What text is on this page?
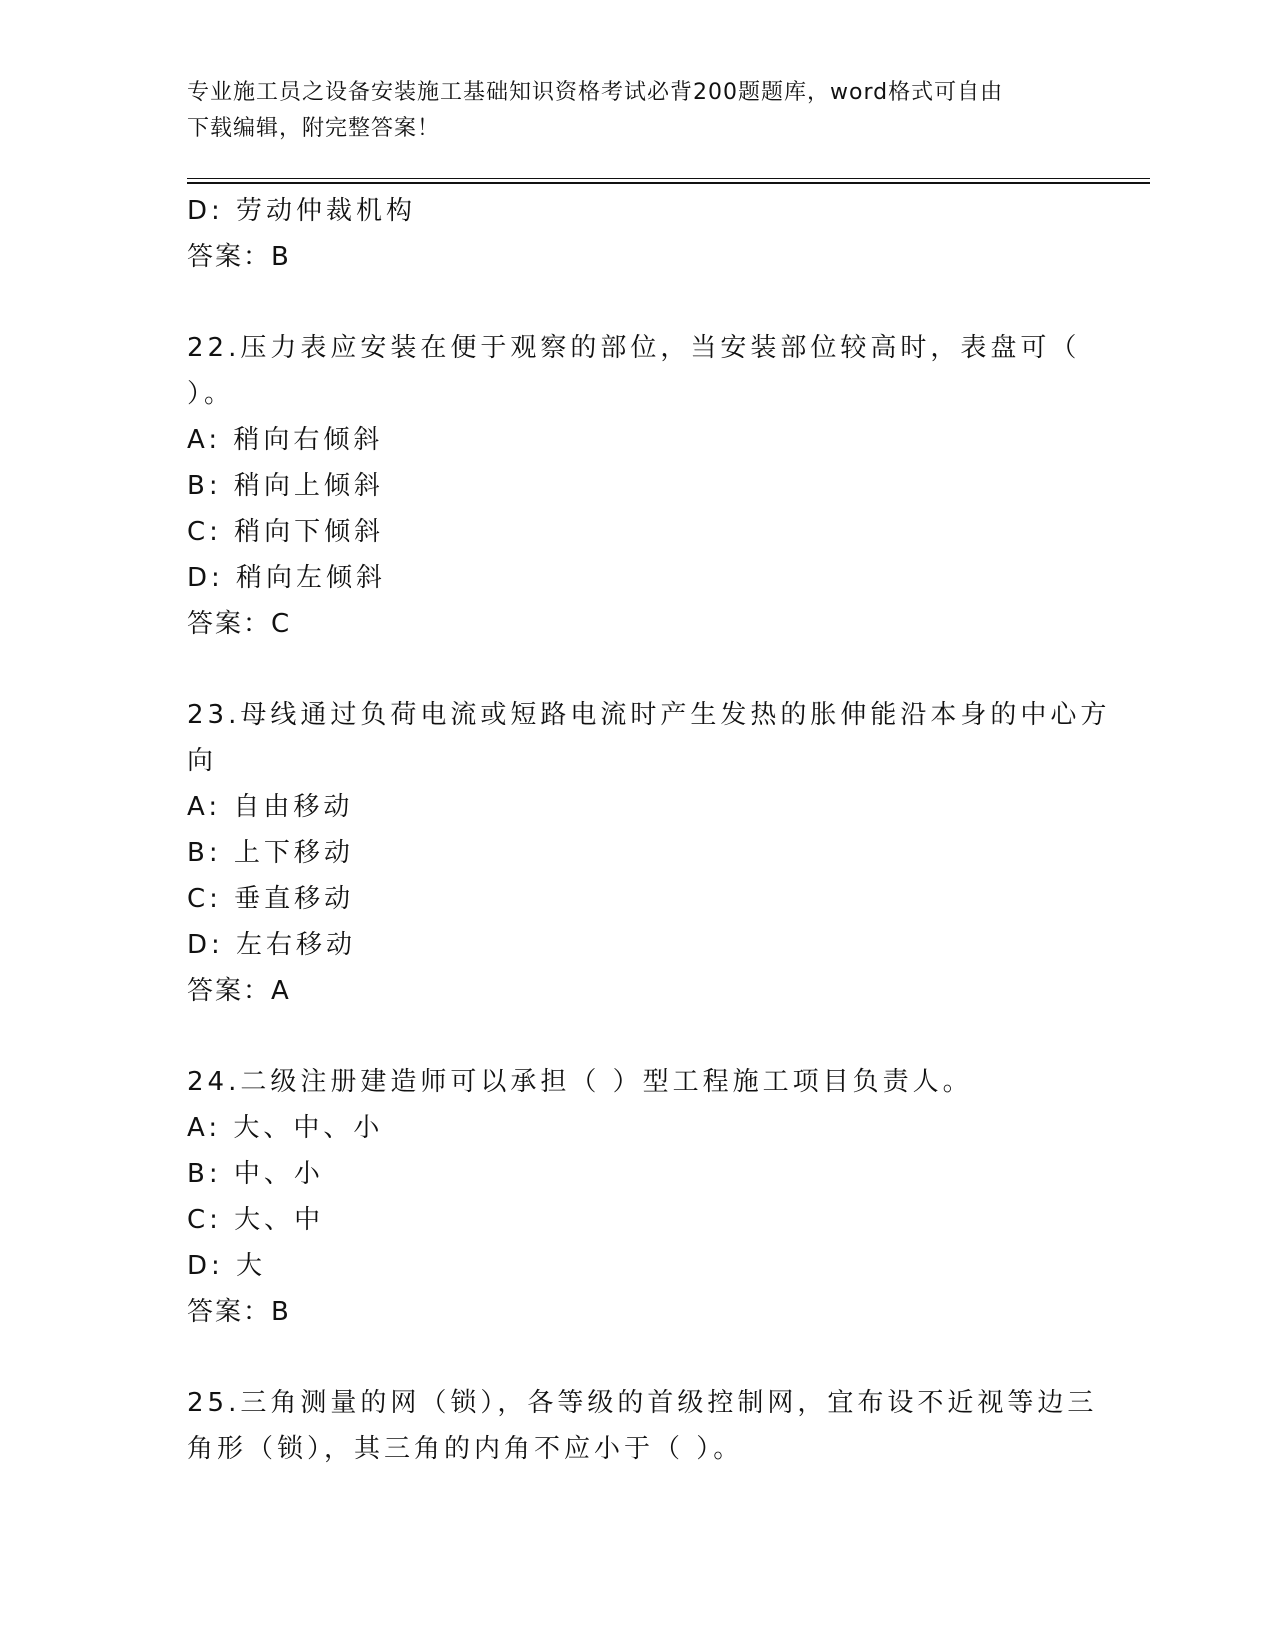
专业施工员之设备安装施工基础知识资格考试必背200题题库，word格式可自由
下载编辑，附完整答案！
D: 劳动仲裁机构
答案：B
22.压力表应安装在便于观察的部位，当安装部位较高时，表盘可（
）。
A: 稍向右倾斜
B: 稍向上倾斜
C: 稍向下倾斜
D: 稍向左倾斜
答案：C
23.母线通过负荷电流或短路电流时产生发热的胀伸能沿本身的中心方
向
A: 自由移动
B: 上下移动
C: 垂直移动
D: 左右移动
答案：A
24.二级注册建造师可以承担（ ）型工程施工项目负责人。
A: 大、中、小
B: 中、小
C: 大、中
D: 大
答案：B
25.三角测量的网（锁），各等级的首级控制网，宜布设不近视等边三
角形（锁），其三角的内角不应小于（ ）。
